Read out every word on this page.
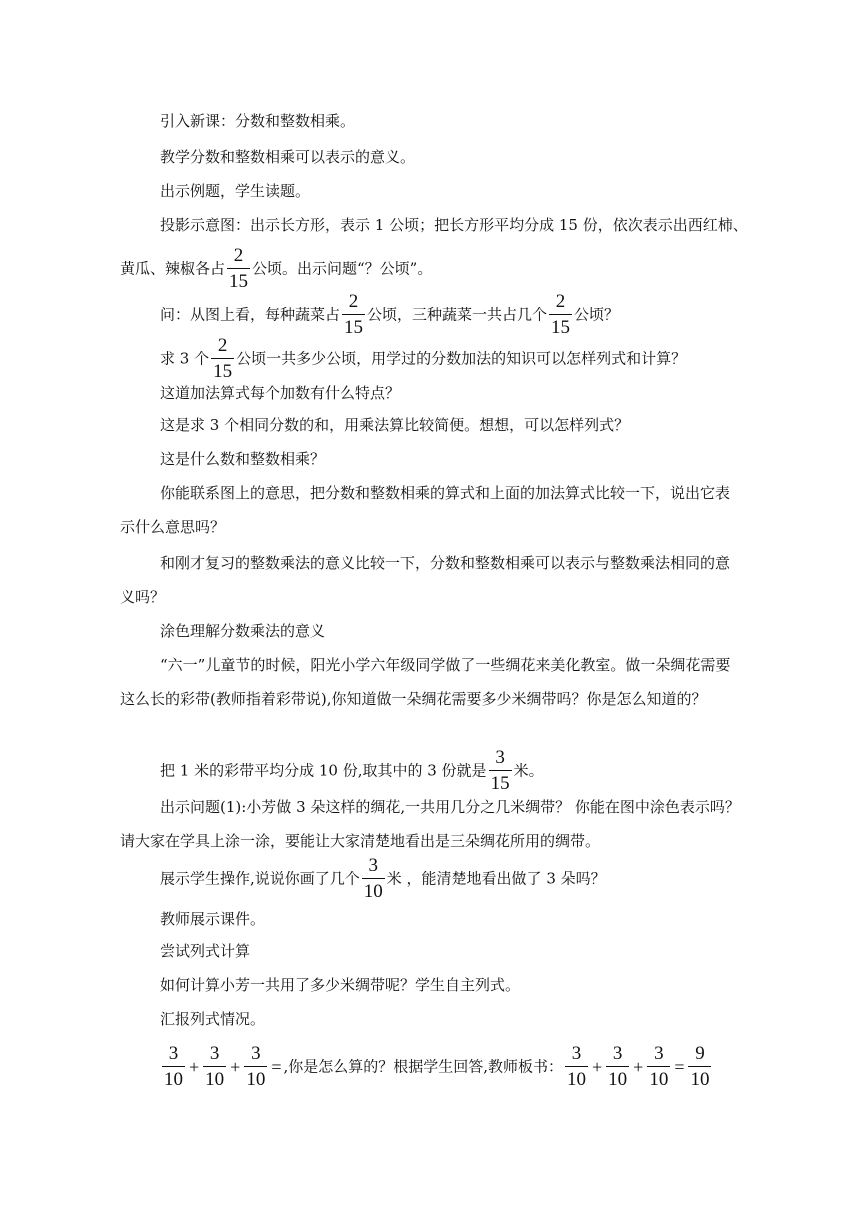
引入新课：分数和整数相乘。

教学分数和整数相乘可以表示的意义。

出示例题，学生读题。

投影示意图：出示长方形，表示 1 公顷；把长方形平均分成 15 份，依次表示出西红柿、

黄瓜、辣椒各占 $\frac{2}{15}$ 公顷。出示问题“？公顷”。

问：从图上看，每种蔬菜占 $\frac{2}{15}$ 公顷，三种蔬菜一共占几个 $\frac{2}{15}$ 公顷？

求 3 个 $\frac{2}{15}$ 公顷一共多少公顷，用学过的分数加法的知识可以怎样列式和计算？

这道加法算式每个加数有什么特点？

这是求 3 个相同分数的和，用乘法算比较简便。想想，可以怎样列式？

这是什么数和整数相乘？

你能联系图上的意思，把分数和整数相乘的算式和上面的加法算式比较一下，说出它表示什么意思吗？

和刚才复习的整数乘法的意义比较一下，分数和整数相乘可以表示与整数乘法相同的意义吗？

涂色理解分数乘法的意义

“六一”儿童节的时候，阳光小学六年级同学做了一些绸花来美化教室。做一朵绸花需要这么长的彩带(教师指着彩带说),你知道做一朵绸花需要多少米绸带吗？你是怎么知道的？

把 1 米的彩带平均分成 10 份,取其中的 3 份就是 $\frac{3}{15}$ 米。

出示问题(1):小芳做 3 朵这样的绸花,一共用几分之几米绸带？ 你能在图中涂色表示吗？请大家在学具上涂一涂，要能让大家清楚地看出是三朵绸花所用的绸带。

展示学生操作,说说你画了几个 $\frac{3}{10}$ 米 ，能清楚地看出做了 3 朵吗？

教师展示课件。

尝试列式计算

如何计算小芳一共用了多少米绸带呢？学生自主列式。

汇报列式情况。

$\frac{3}{10} + \frac{3}{10} + \frac{3}{10}$ = ,你是怎么算的？根据学生回答,教师板书： $\frac{3}{10} + \frac{3}{10} + \frac{3}{10} = \frac{9}{10}$
